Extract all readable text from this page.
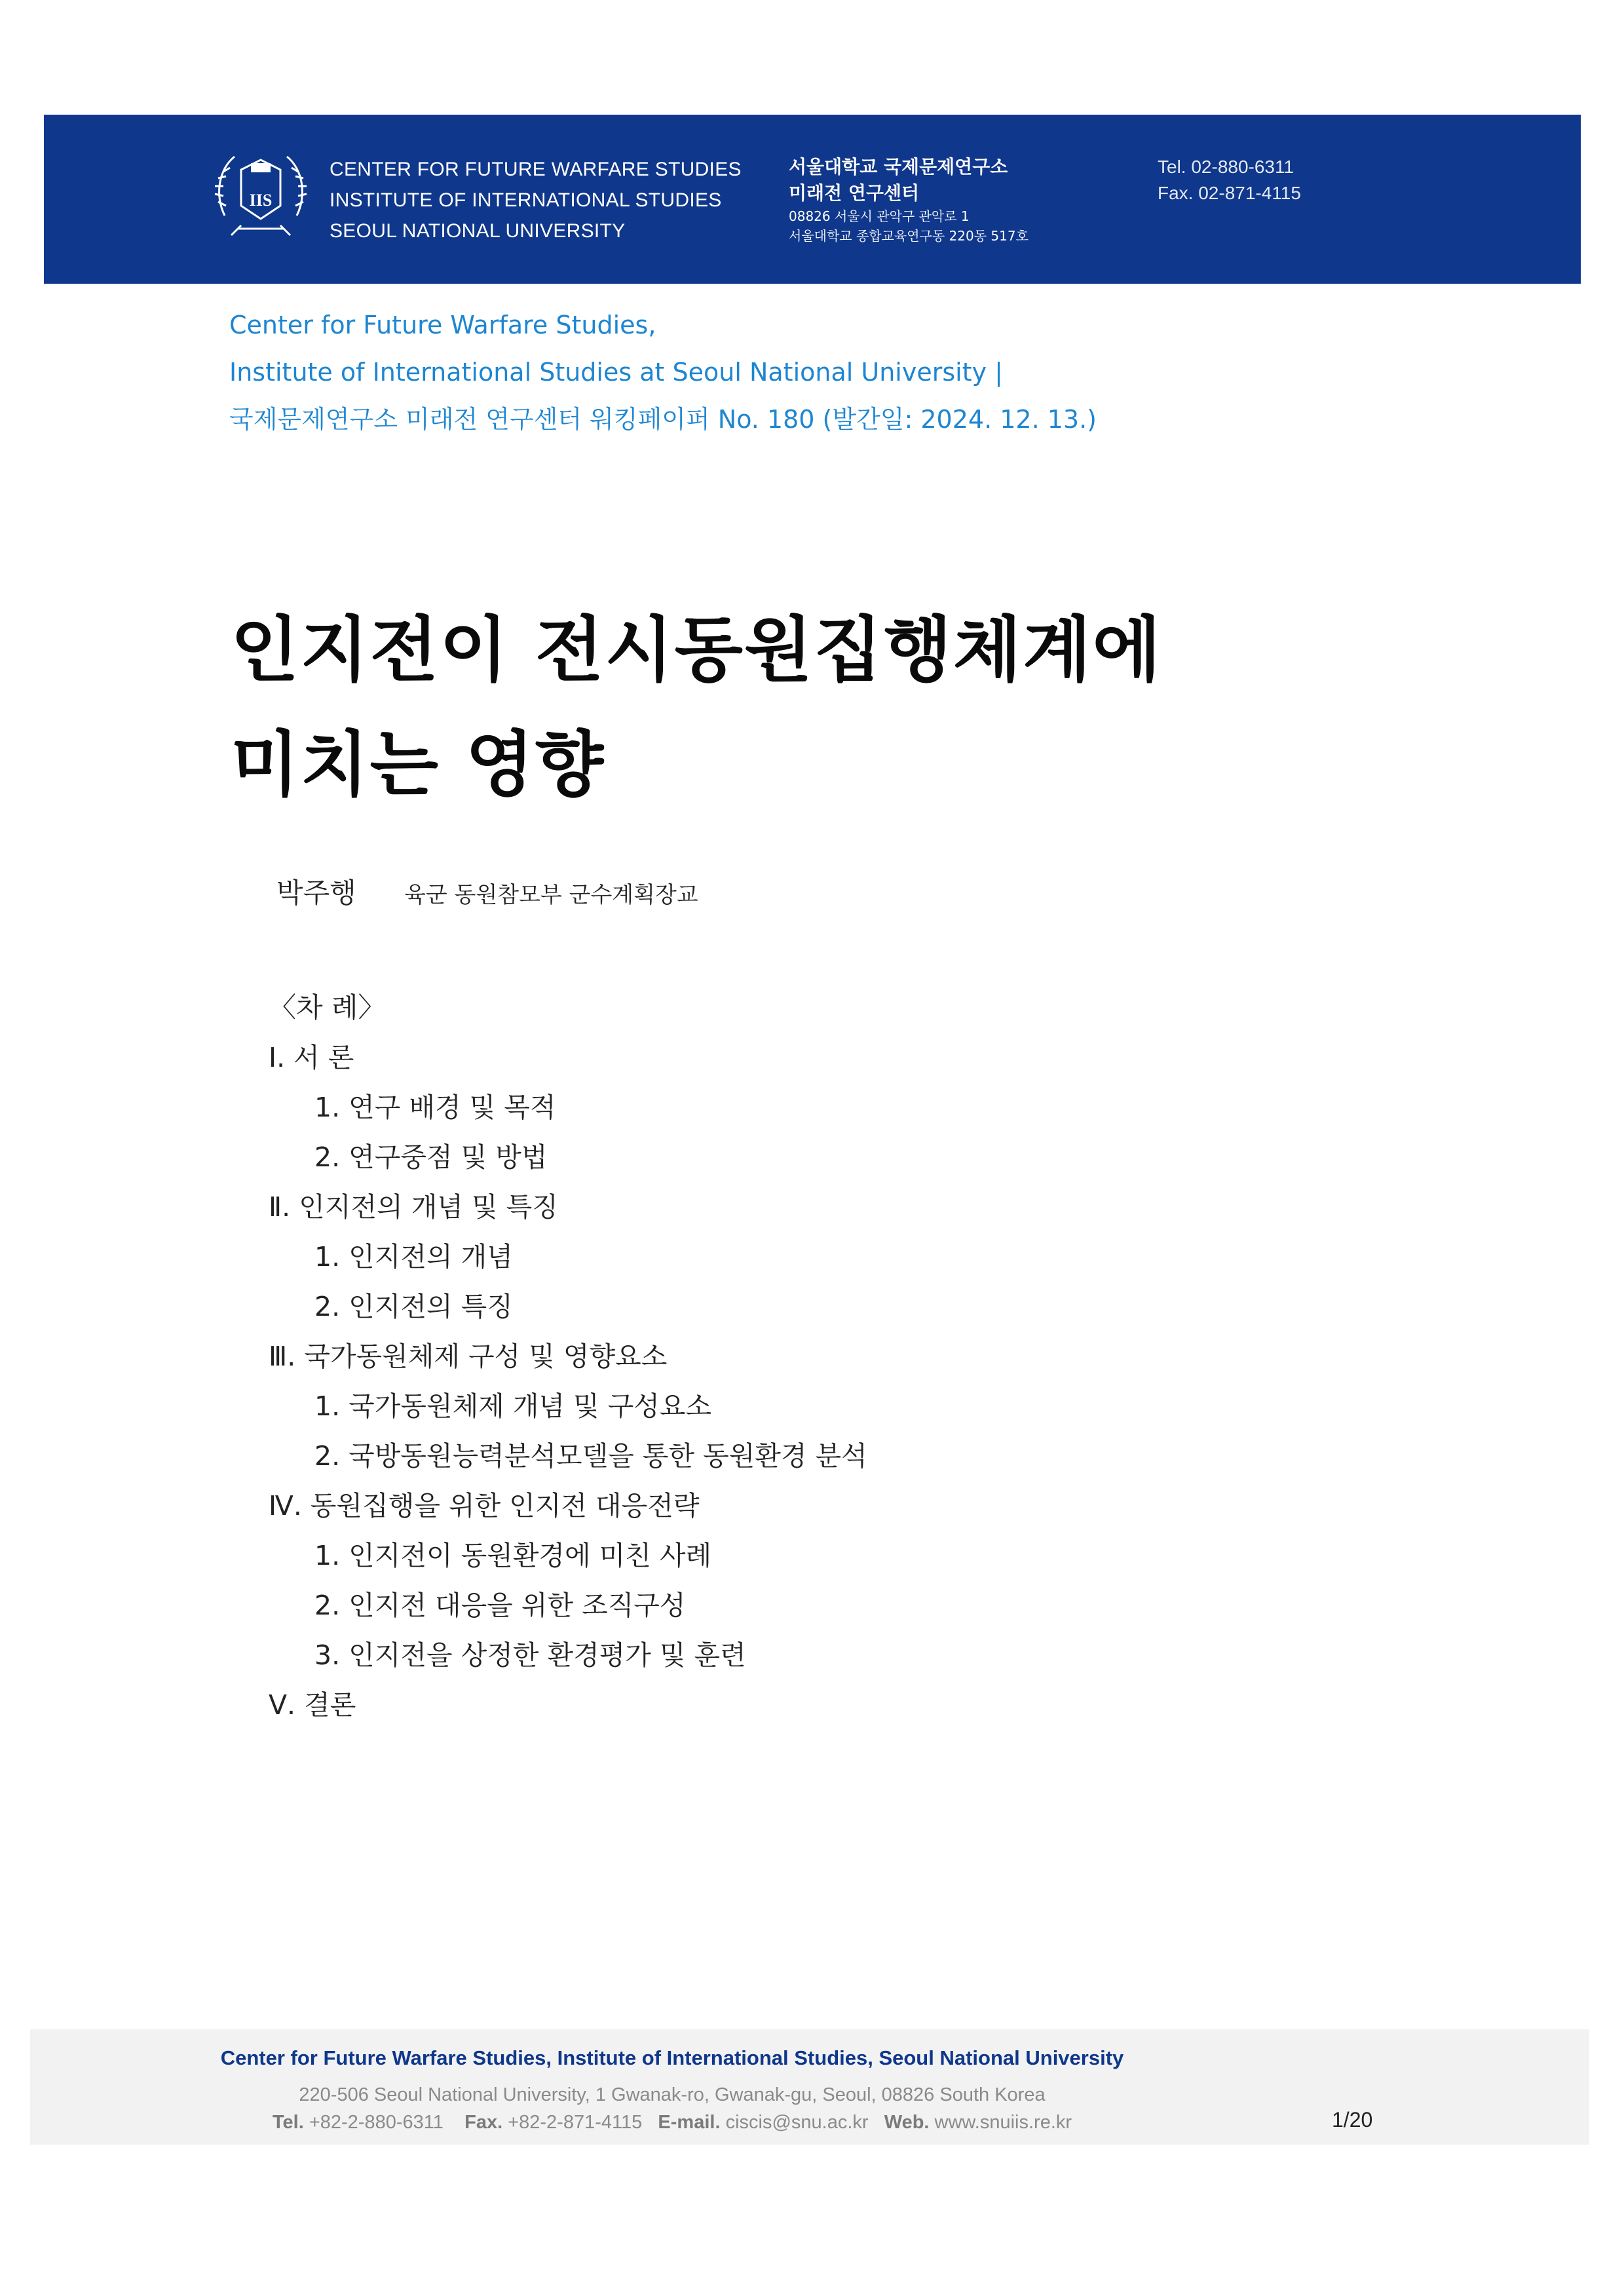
IIS
CENTER FOR FUTURE WARFARE STUDIES
INSTITUTE OF INTERNATIONAL STUDIES
SEOUL NATIONAL UNIVERSITY
서울대학교 국제문제연구소
미래전 연구센터
08826 서울시 관악구 관악로 1
서울대학교 종합교육연구동 220동 517호
Tel. 02-880-6311
Fax. 02-871-4115
Center for Future Warfare Studies,
Institute of International Studies at Seoul National University |
국제문제연구소 미래전 연구센터 워킹페이퍼 No. 180 (발간일: 2024. 12. 13.)
인지전이 전시동원집행체계에
미치는 영향
박주행 육군 동원참모부 군수계획장교
〈차 례〉
Ⅰ. 서 론
1. 연구 배경 및 목적
2. 연구중점 및 방법
Ⅱ. 인지전의 개념 및 특징
1. 인지전의 개념
2. 인지전의 특징
Ⅲ. 국가동원체제 구성 및 영향요소
1. 국가동원체제 개념 및 구성요소
2. 국방동원능력분석모델을 통한 동원환경 분석
Ⅳ. 동원집행을 위한 인지전 대응전략
1. 인지전이 동원환경에 미친 사례
2. 인지전 대응을 위한 조직구성
3. 인지전을 상정한 환경평가 및 훈련
Ⅴ. 결론
Center for Future Warfare Studies, Institute of International Studies, Seoul National University
220-506 Seoul National University, 1 Gwanak-ro, Gwanak-gu, Seoul, 08826 South Korea
Tel. +82-2-880-6311 Fax. +82-2-871-4115 E-mail. ciscis@snu.ac.kr Web. www.snuiis.re.kr	1/20
